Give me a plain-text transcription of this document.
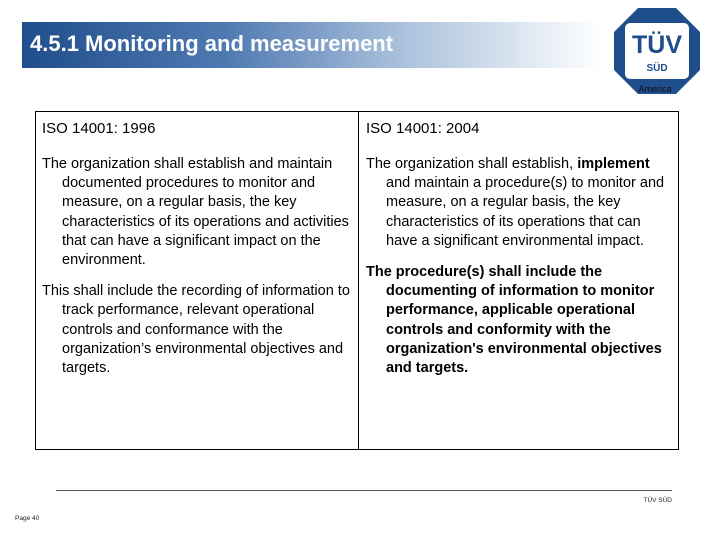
4.5.1 Monitoring and measurement	TÜV
SÜD
America

ISO 14001: 1996

The organization shall establish and maintain documented procedures to monitor and measure, on a regular basis, the key characteristics of its operations and activities that can have a significant impact on the environment.

This shall include the recording of information to track performance, relevant operational controls and conformance with the organization’s environmental objectives and targets.

ISO 14001: 2004

The organization shall establish, implement and maintain a procedure(s) to monitor and measure, on a regular basis, the key characteristics of its operations that can have a significant environmental impact.

The procedure(s) shall include the documenting of information to monitor performance, applicable operational controls and conformity with the organization's environmental objectives and targets.

TÜV SÜD
Page 40
